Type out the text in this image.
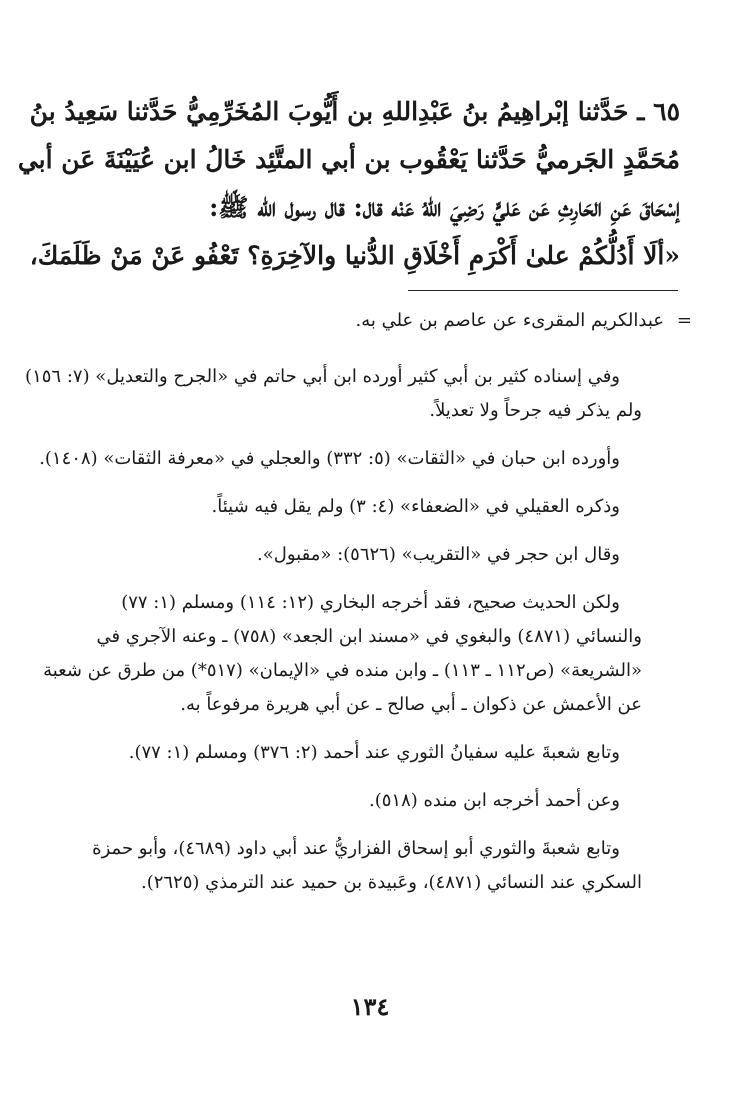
٦٥ ـ حَدَّثنا إبْراهِيمُ بنُ عَبْدِاللهِ بن أَيُّوبَ المُخَرِّمِيُّ حَدَّثنا سَعِيدُ بنُ
مُحَمَّدٍ الجَرميُّ حَدَّثنا يَعْقُوب بن أبي المتَّئِد خَالُ ابن عُيَيْنَةَ عَن أبي
إسْحَاقَ عَنِ الحَارِثِ عَن عَليٍّ رَضِيَ اللهُ عَنْه قال: قال رسول الله ﷺ:
«ألَا أَدُلُّكُمْ علىٰ أَكْرَمِ أَخْلَاقِ الدُّنيا والآخِرَةِ؟ تَعْفُو عَنْ مَنْ ظَلَمَكَ،
=
عبدالكريم المقرىء عن عاصم بن علي به.

وفي إسناده كثير بن أبي كثير أورده ابن أبي حاتم في «الجرح والتعديل» (٧: ١٥٦)
ولم يذكر فيه جرحاً ولا تعديلاً.

وأورده ابن حبان في «الثقات» (٥: ٣٣٢) والعجلي في «معرفة الثقات» (١٤٠٨).

وذكره العقيلي في «الضعفاء» (٤: ٣) ولم يقل فيه شيئاً.

وقال ابن حجر في «التقريب» (٥٦٢٦): «مقبول».

ولكن الحديث صحيح، فقد أخرجه البخاري (١٢: ١١٤) ومسلم (١: ٧٧)
والنسائي (٤٨٧١) والبغوي في «مسند ابن الجعد» (٧٥٨) ـ وعنه الآجري في
«الشريعة» (ص١١٢ ـ ١١٣) ـ وابن منده في «الإيمان» (٥١٧*) من طرق عن شعبة
عن الأعمش عن ذكوان ـ أبي صالح ـ عن أبي هريرة مرفوعاً به.

وتابع شعبةَ عليه سفيانُ الثوري عند أحمد (٢: ٣٧٦) ومسلم (١: ٧٧).

وعن أحمد أخرجه ابن منده (٥١٨).

وتابع شعبةَ والثوري أبو إسحاق الفزاريُّ عند أبي داود (٤٦٨٩)، وأبو حمزة
السكري عند النسائي (٤٨٧١)، وعَبيدة بن حميد عند الترمذي (٢٦٢٥).

١٣٤
